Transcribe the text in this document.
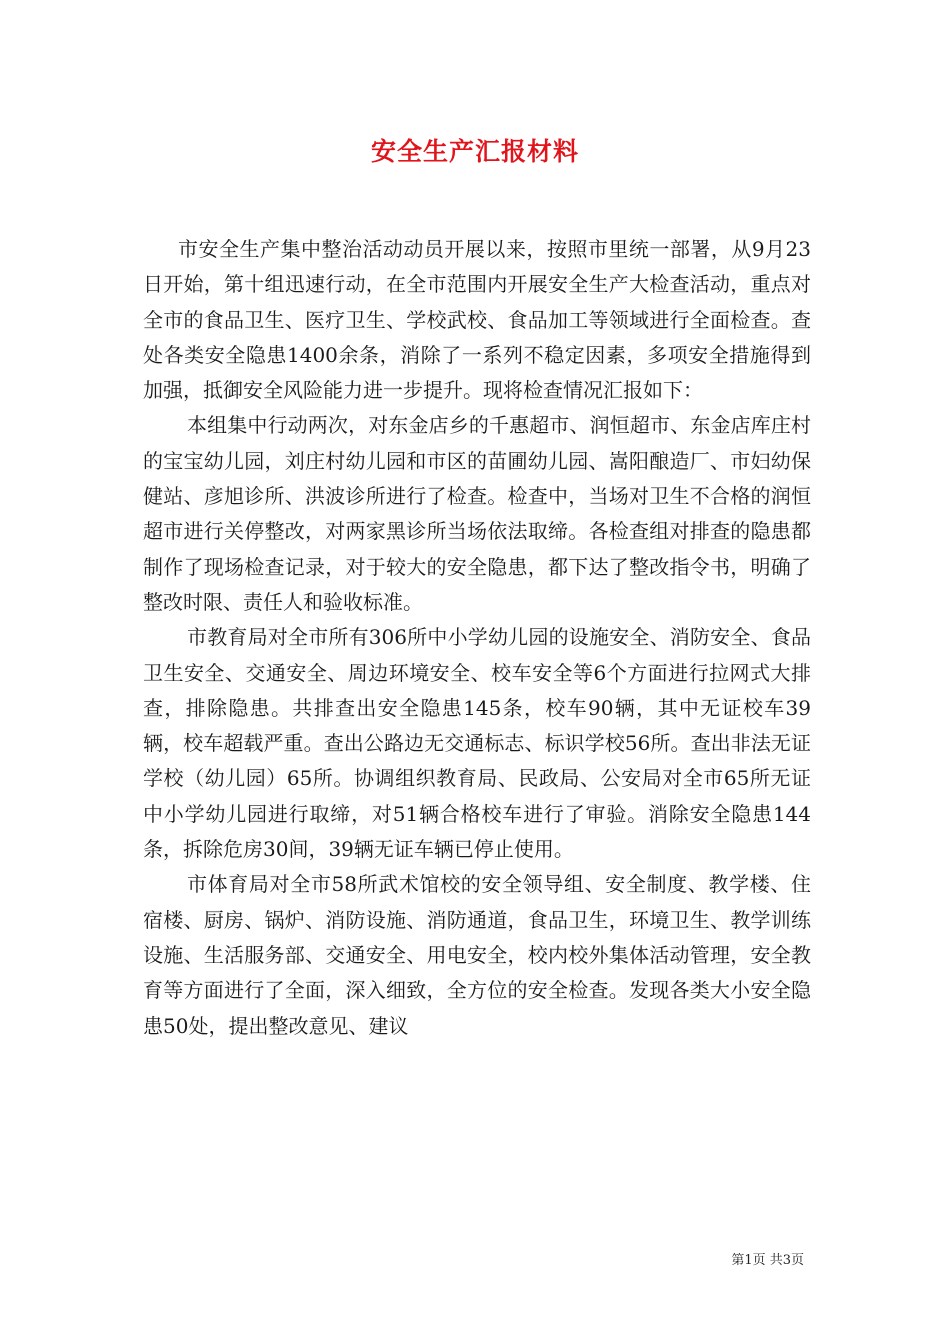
安全生产汇报材料

市安全生产集中整治活动动员开展以来，按照市里统一部署，从9月23日开始，第十组迅速行动，在全市范围内开展安全生产大检查活动，重点对全市的食品卫生、医疗卫生、学校武校、食品加工等领域进行全面检查。查处各类安全隐患1400余条，消除了一系列不稳定因素，多项安全措施得到加强，抵御安全风险能力进一步提升。现将检查情况汇报如下：

本组集中行动两次，对东金店乡的千惠超市、润恒超市、东金店库庄村的宝宝幼儿园，刘庄村幼儿园和市区的苗圃幼儿园、嵩阳酿造厂、市妇幼保健站、彦旭诊所、洪波诊所进行了检查。检查中，当场对卫生不合格的润恒超市进行关停整改，对两家黑诊所当场依法取缔。各检查组对排查的隐患都制作了现场检查记录，对于较大的安全隐患，都下达了整改指令书，明确了整改时限、责任人和验收标准。

市教育局对全市所有306所中小学幼儿园的设施安全、消防安全、食品卫生安全、交通安全、周边环境安全、校车安全等6个方面进行拉网式大排查，排除隐患。共排查出安全隐患145条，校车90辆，其中无证校车39辆，校车超载严重。查出公路边无交通标志、标识学校56所。查出非法无证学校（幼儿园）65所。协调组织教育局、民政局、公安局对全市65所无证中小学幼儿园进行取缔，对51辆合格校车进行了审验。消除安全隐患144条，拆除危房30间，39辆无证车辆已停止使用。

市体育局对全市58所武术馆校的安全领导组、安全制度、教学楼、住宿楼、厨房、锅炉、消防设施、消防通道，食品卫生，环境卫生、教学训练设施、生活服务部、交通安全、用电安全，校内校外集体活动管理，安全教育等方面进行了全面，深入细致，全方位的安全检查。发现各类大小安全隐患50处，提出整改意见、建议

第1页 共3页
